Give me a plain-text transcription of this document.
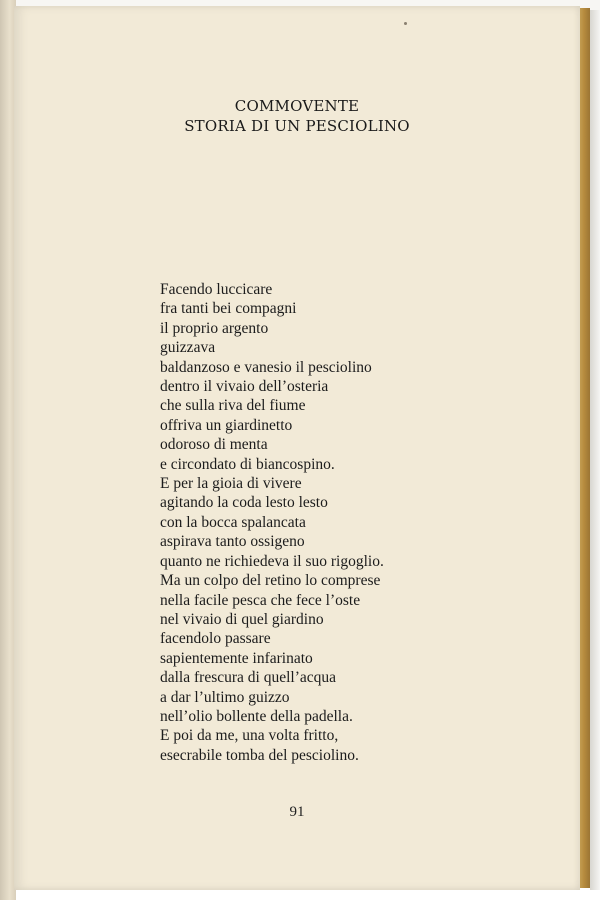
COMMOVENTE
STORIA DI UN PESCIOLINO
Facendo luccicare
fra tanti bei compagni
il proprio argento
guizzava
baldanzoso e vanesio il pesciolino
dentro il vivaio dell’osteria
che sulla riva del fiume
offriva un giardinetto
odoroso di menta
e circondato di biancospino.
E per la gioia di vivere
agitando la coda lesto lesto
con la bocca spalancata
aspirava tanto ossigeno
quanto ne richiedeva il suo rigoglio.
Ma un colpo del retino lo comprese
nella facile pesca che fece l’oste
nel vivaio di quel giardino
facendolo passare
sapientemente infarinato
dalla frescura di quell’acqua
a dar l’ultimo guizzo
nell’olio bollente della padella.
E poi da me, una volta fritto,
esecrabile tomba del pesciolino.
91
